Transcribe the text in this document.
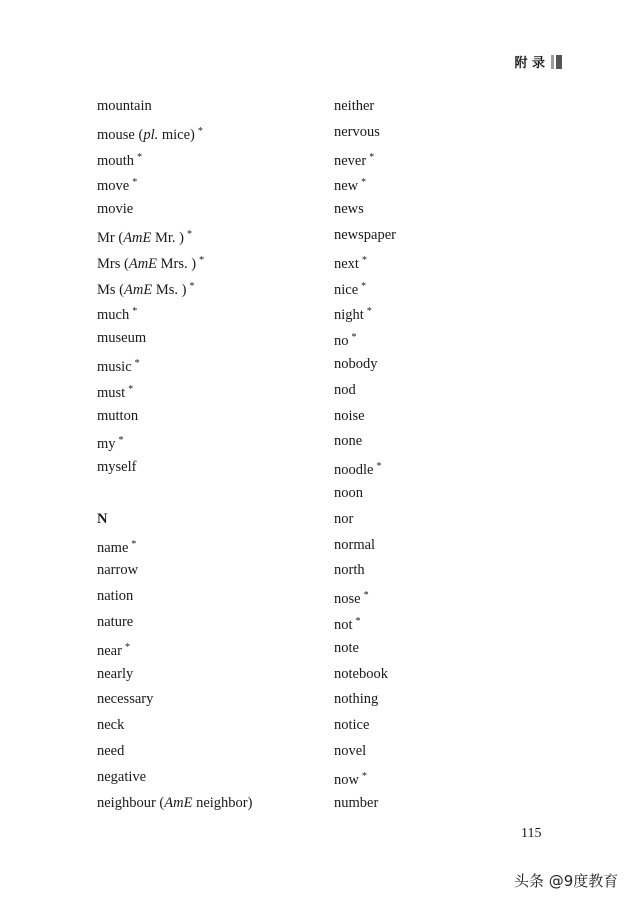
附 录
mountain
mouse (pl. mice) *
mouth *
move *
movie
Mr (AmE Mr. ) *
Mrs (AmE Mrs. ) *
Ms (AmE Ms. ) *
much *
museum
music *
must *
mutton
my *
myself
N
name *
narrow
nation
nature
near *
nearly
necessary
neck
need
negative
neighbour (AmE neighbor)
neither
nervous
never *
new *
news
newspaper
next *
nice *
night *
no *
nobody
nod
noise
none
noodle *
noon
nor
normal
north
nose *
not *
note
notebook
nothing
notice
novel
now *
number
115
头条 @9度教育
